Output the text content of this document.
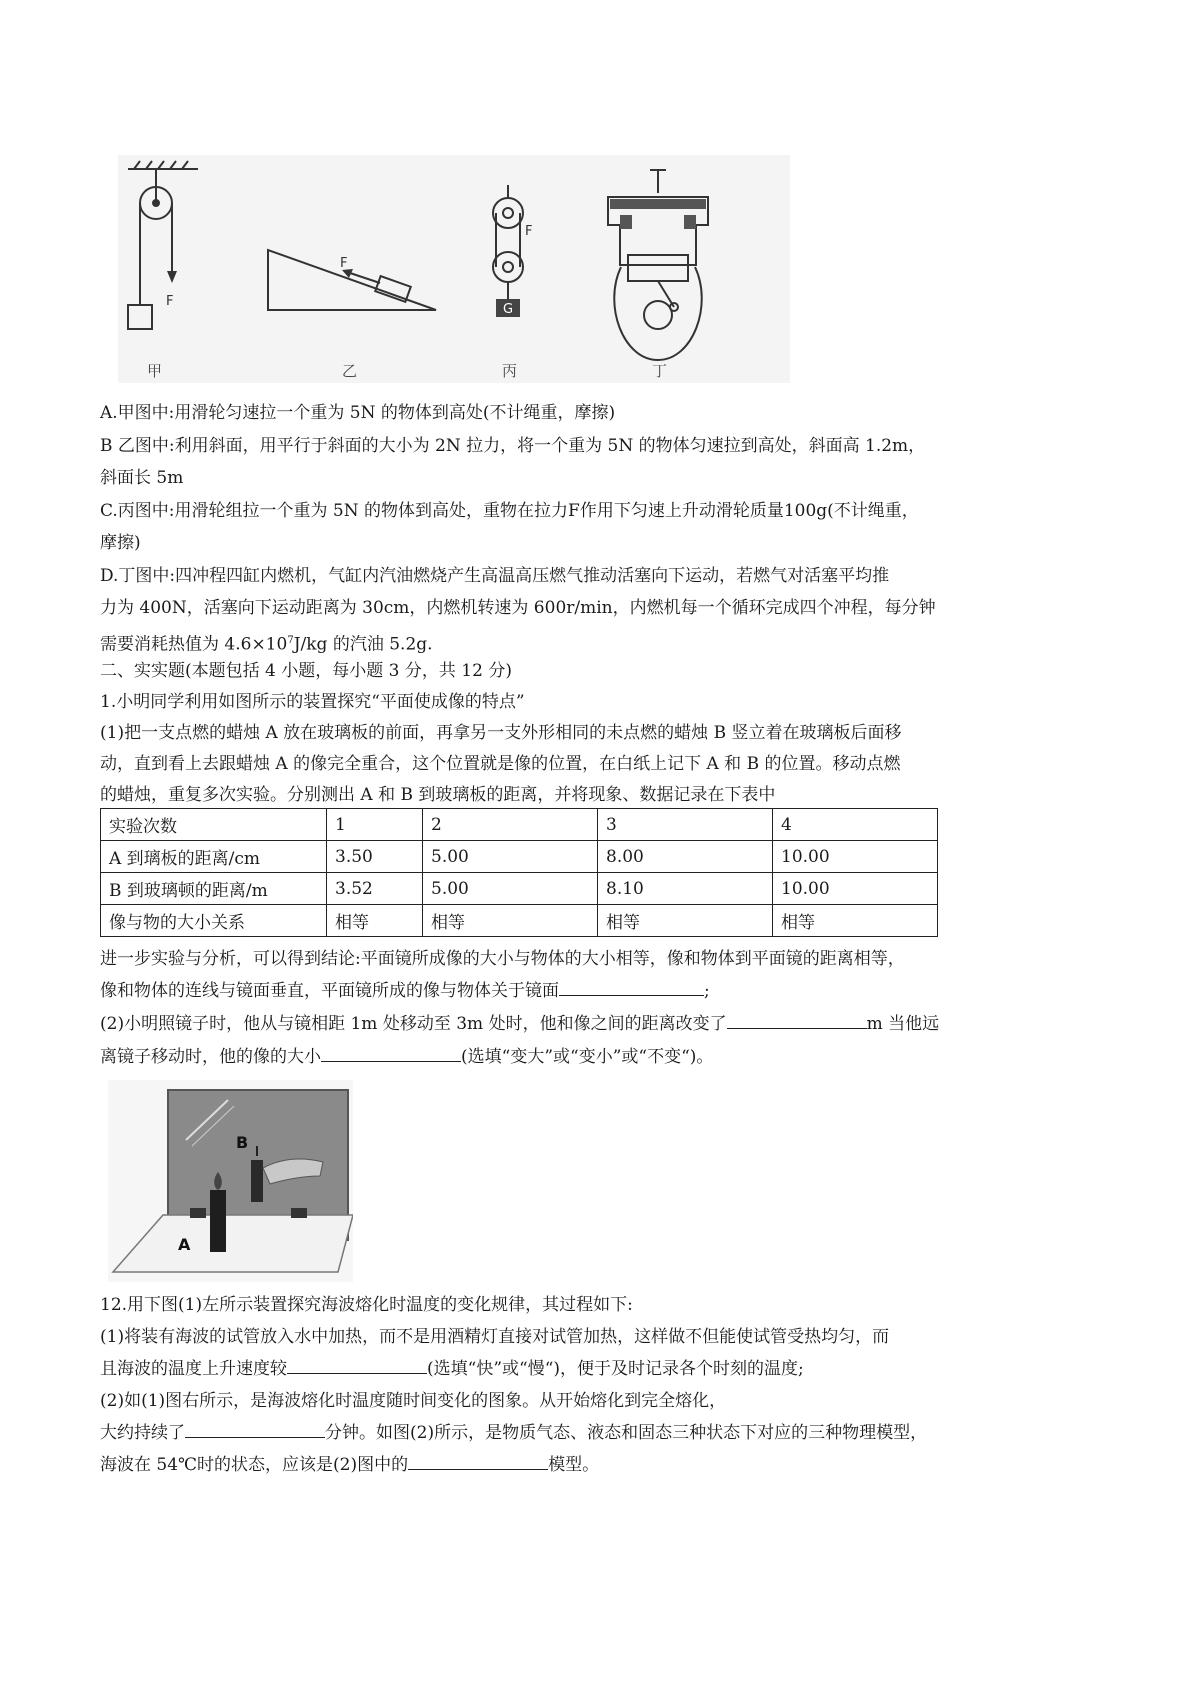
F
F
G
F
甲	乙	丙	丁
A.甲图中:用滑轮匀速拉一个重为 5N 的物体到高处(不计绳重，摩擦)
B 乙图中:利用斜面，用平行于斜面的大小为 2N 拉力，将一个重为 5N 的物体匀速拉到高处，斜面高 1.2m，
斜面长 5m
C.丙图中:用滑轮组拉一个重为 5N 的物体到高处，重物在拉力F作用下匀速上升动滑轮质量100g(不计绳重，
摩擦)
D.丁图中:四冲程四缸内燃机，气缸内汽油燃烧产生高温高压燃气推动活塞向下运动，若燃气对活塞平均推
力为 400N，活塞向下运动距离为 30cm，内燃机转速为 600r/min，内燃机每一个循环完成四个冲程，每分钟
需要消耗热值为 $4.6\times 10^7J/kg$ 的汽油 5.2g.
二、实实题(本题包括 4 小题，每小题 3 分，共 12 分)
1.小明同学利用如图所示的装置探究“平面使成像的特点”
(1)把一支点燃的蜡烛 A 放在玻璃板的前面，再拿另一支外形相同的未点燃的蜡烛 B 竖立着在玻璃板后面移
动，直到看上去跟蜡烛 A 的像完全重合，这个位置就是像的位置，在白纸上记下 A 和 B 的位置。移动点燃
的蜡烛，重复多次实验。分别测出 A 和 B 到玻璃板的距离，并将现象、数据记录在下表中
实验次数	1	2	3	4
A 到璃板的距离/cm	3.50	5.00	8.00	10.00
B 到玻璃顿的距离/m	3.52	5.00	8.10	10.00
像与物的大小关系	相等	相等	相等	相等
进一步实验与分析，可以得到结论:平面镜所成像的大小与物体的大小相等，像和物体到平面镜的距离相等，
像和物体的连线与镜面垂直，平面镜所成的像与物体关于镜面	;
(2)小明照镜子时，他从与镜相距 1m 处移动至 3m 处时，他和像之间的距离改变了	m 当他远
离镜子移动时，他的像的大小	(选填“变大”或“变小”或“不变“)。
B
A
12.用下图(1)左所示装置探究海波熔化时温度的变化规律，其过程如下:
(1)将装有海波的试管放入水中加热，而不是用酒精灯直接对试管加热，这样做不但能使试管受热均匀，而
且海波的温度上升速度较	(选填“快”或“慢“)，便于及时记录各个时刻的温度;
(2)如(1)图右所示，是海波熔化时温度随时间变化的图象。从开始熔化到完全熔化，
大约持续了	分钟。如图(2)所示，是物质气态、液态和固态三种状态下对应的三种物理模型，
海波在 54℃时的状态，应该是(2)图中的	模型。
